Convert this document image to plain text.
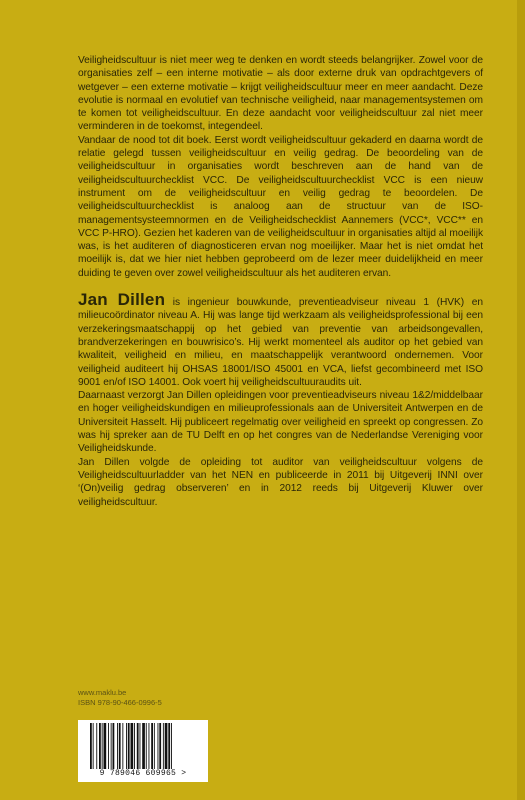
Veiligheidscultuur is niet meer weg te denken en wordt steeds belangrijker. Zowel voor de organisaties zelf – een interne motivatie – als door externe druk van opdrachtgevers of wetgever – een externe motivatie – krijgt veiligheidscultuur meer en meer aandacht. Deze evolutie is normaal en evolutief van technische veiligheid, naar managementsystemen om te komen tot veiligheidscultuur. En deze aandacht voor veiligheidscultuur zal niet meer verminderen in de toekomst, integendeel.

Vandaar de nood tot dit boek. Eerst wordt veiligheidscultuur gekaderd en daarna wordt de relatie gelegd tussen veiligheidscultuur en veilig gedrag. De beoordeling van de veiligheidscultuur in organisaties wordt beschreven aan de hand van de veiligheidscultuurchecklist VCC. De veiligheidscultuurchecklist VCC is een nieuw instrument om de veiligheidscultuur en veilig gedrag te beoordelen. De veiligheidscultuurchecklist is analoog aan de structuur van de ISO-managementsysteemnormen en de Veiligheidschecklist Aannemers (VCC*, VCC** en VCC P-HRO). Gezien het kaderen van de veiligheidscultuur in organisaties altijd al moeilijk was, is het auditeren of diagnosticeren ervan nog moeilijker. Maar het is niet omdat het moeilijk is, dat we hier niet hebben geprobeerd om de lezer meer duidelijkheid en meer duiding te geven over zowel veiligheidscultuur als het auditeren ervan.

Jan Dillen is ingenieur bouwkunde, preventieadviseur niveau 1 (HVK) en milieucoördinator niveau A. Hij was lange tijd werkzaam als veiligheidsprofessional bij een verzekeringsmaatschappij op het gebied van preventie van arbeidsongevallen, brandverzekeringen en bouwrisico’s. Hij werkt momenteel als auditor op het gebied van kwaliteit, veiligheid en milieu, en maatschappelijk verantwoord ondernemen. Voor veiligheid auditeert hij OHSAS 18001/ISO 45001 en VCA, liefst gecombineerd met ISO 9001 en/of ISO 14001. Ook voert hij veiligheidscultuuraudits uit.

Daarnaast verzorgt Jan Dillen opleidingen voor preventieadviseurs niveau 1&2/middelbaar en hoger veiligheidskundigen en milieuprofessionals aan de Universiteit Antwerpen en de Universiteit Hasselt. Hij publiceert regelmatig over veiligheid en spreekt op congressen. Zo was hij spreker aan de TU Delft en op het congres van de Nederlandse Vereniging voor Veiligheidskunde.

Jan Dillen volgde de opleiding tot auditor van veiligheidscultuur volgens de Veiligheidscultuurladder van het NEN en publiceerde in 2011 bij Uitgeverij INNI over ‘(On)veilig gedrag observeren’ en in 2012 reeds bij Uitgeverij Kluwer over veiligheidscultuur.

www.maklu.be
ISBN 978-90-466-0996-5
9 789046 609965 >
